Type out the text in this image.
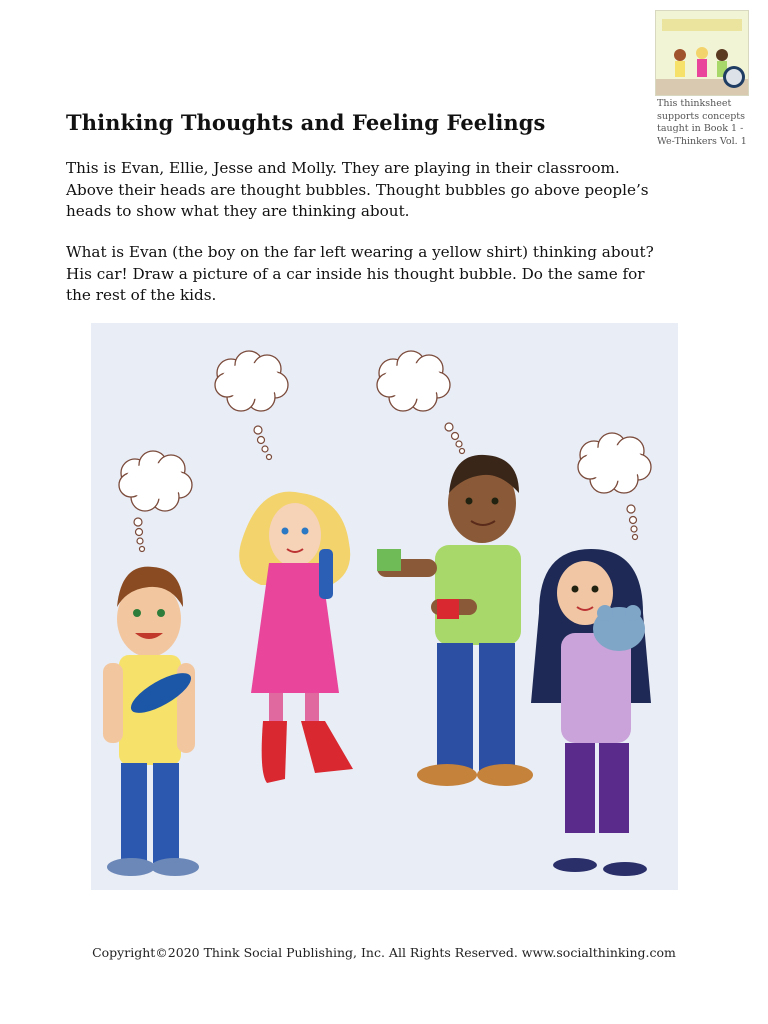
This thinksheet supports concepts taught in Book 1 - We-Thinkers Vol. 1
Thinking Thoughts and Feeling Feelings

This is Evan, Ellie, Jesse and Molly. They are playing in their classroom. Above their heads are thought bubbles. Thought bubbles go above people’s heads to show what they are thinking about.

What is Evan (the boy on the far left wearing a yellow shirt) thinking about? His car! Draw a picture of a car inside his thought bubble. Do the same for the rest of the kids.

Copyright©2020 Think Social Publishing, Inc. All Rights Reserved. www.socialthinking.com
